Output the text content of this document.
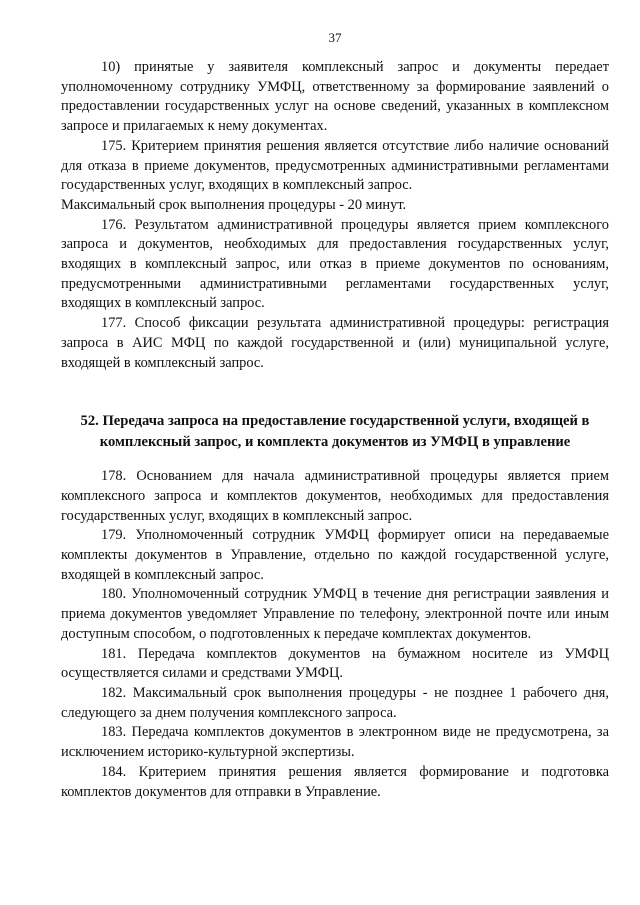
37

10) принятые у заявителя комплексный запрос и документы передает уполномоченному сотруднику УМФЦ, ответственному за формирование заявлений о предоставлении государственных услуг на основе сведений, указанных в комплексном запросе и прилагаемых к нему документах.

175. Критерием принятия решения является отсутствие либо наличие оснований для отказа в приеме документов, предусмотренных административными регламентами государственных услуг, входящих в комплексный запрос.

Максимальный срок выполнения процедуры - 20 минут.

176. Результатом административной процедуры является прием комплексного запроса и документов, необходимых для предоставления государственных услуг, входящих в комплексный запрос, или отказ в приеме документов по основаниям, предусмотренными административными регламентами государственных услуг, входящих в комплексный запрос.

177. Способ фиксации результата административной процедуры: регистрация запроса в АИС МФЦ по каждой государственной и (или) муниципальной услуге, входящей в комплексный запрос.

52. Передача запроса на предоставление государственной услуги, входящей в комплексный запрос, и комплекта документов из УМФЦ в управление

178. Основанием для начала административной процедуры является прием комплексного запроса и комплектов документов, необходимых для предоставления государственных услуг, входящих в комплексный запрос.

179. Уполномоченный сотрудник УМФЦ формирует описи на передаваемые комплекты документов в Управление, отдельно по каждой государственной услуге, входящей в комплексный запрос.

180. Уполномоченный сотрудник УМФЦ в течение дня регистрации заявления и приема документов уведомляет Управление по телефону, электронной почте или иным доступным способом, о подготовленных к передаче комплектах документов.

181. Передача комплектов документов на бумажном носителе из УМФЦ осуществляется силами и средствами УМФЦ.

182. Максимальный срок выполнения процедуры - не позднее 1 рабочего дня, следующего за днем получения комплексного запроса.

183. Передача комплектов документов в электронном виде не предусмотрена, за исключением историко-культурной экспертизы.

184. Критерием принятия решения является формирование и подготовка комплектов документов для отправки в Управление.
